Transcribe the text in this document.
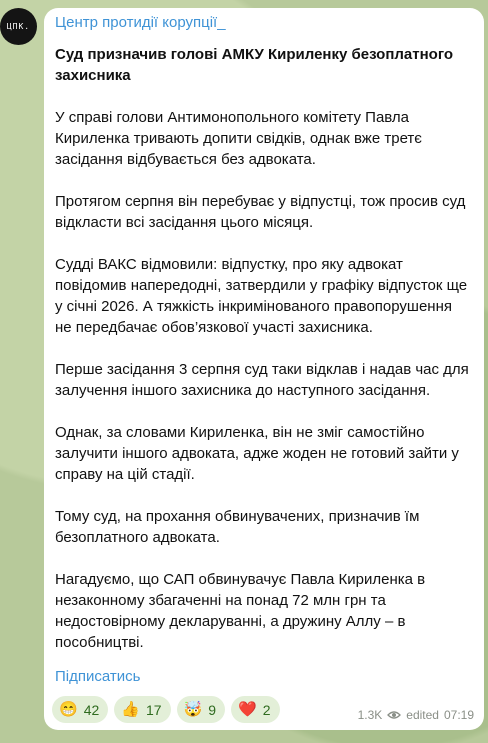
ЦПК.	Центр протидії корупції_
Суд призначив голові АМКУ Кириленку безоплатного захисника

У справі голови Антимонопольного комітету Павла Кириленка тривають допити свідків, однак вже третє засідання відбувається без адвоката.

Протягом серпня він перебуває у відпустці, тож просив суд відкласти всі засідання цього місяця.

Судді ВАКС відмовили: відпустку, про яку адвокат повідомив напередодні, затвердили у графіку відпусток ще у січні 2026. А тяжкість інкримінованого правопорушення не передбачає обов’язкової участі захисника.

Перше засідання 3 серпня суд таки відклав і надав час для залучення іншого захисника до наступного засідання.

Однак, за словами Кириленка, він не зміг самостійно залучити іншого адвоката, адже жоден не готовий зайти у справу на цій стадії.

Тому суд, на прохання обвинувачених, призначив їм безоплатного адвоката.

Нагадуємо, що САП обвинувачує Павла Кириленка в незаконному збагаченні на понад 72 млн грн та недостовірному декларуванні, а дружину Аллу – в пособництві.

Підписатись
😁 42 👍 17 🤯 9 ❤️ 2	1.3K edited 07:19
